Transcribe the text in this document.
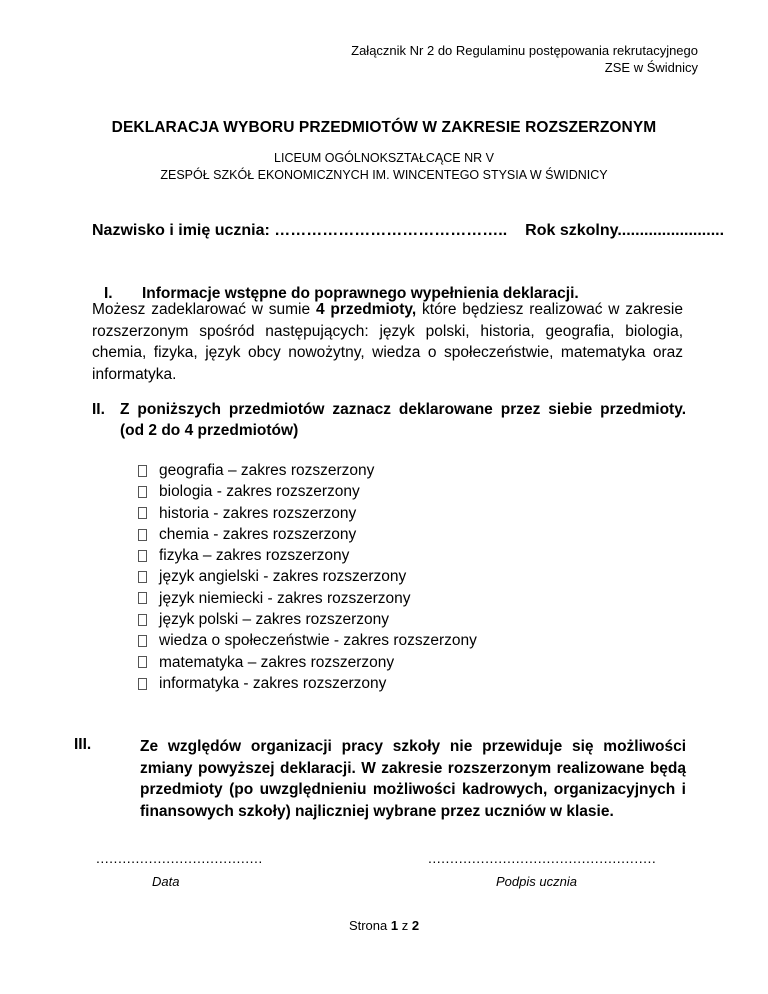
Załącznik Nr 2 do Regulaminu postępowania rekrutacyjnego
ZSE w Świdnicy
DEKLARACJA WYBORU PRZEDMIOTÓW W ZAKRESIE ROZSZERZONYM
LICEUM OGÓLNOKSZTAŁCĄCE NR V
ZESPÓŁ SZKÓŁ EKONOMICZNYCH IM. WINCENTEGO STYSIA W ŚWIDNICY
Nazwisko i imię ucznia: …………………………………….. Rok szkolny........................
I. Informacje wstępne do poprawnego wypełnienia deklaracji.
Możesz zadeklarować w sumie 4 przedmioty, które będziesz realizować w zakresie rozszerzonym spośród następujących: język polski, historia, geografia, biologia, chemia, fizyka, język obcy nowożytny, wiedza o społeczeństwie, matematyka oraz informatyka.
II. Z poniższych przedmiotów zaznacz deklarowane przez siebie przedmioty.
(od 2 do 4 przedmiotów)
geografia – zakres rozszerzony
biologia - zakres rozszerzony
historia - zakres rozszerzony
chemia - zakres rozszerzony
fizyka – zakres rozszerzony
język angielski - zakres rozszerzony
język niemiecki - zakres rozszerzony
język polski – zakres rozszerzony
wiedza o społeczeństwie - zakres rozszerzony
matematyka – zakres rozszerzony
informatyka - zakres rozszerzony
III.	Ze względów organizacji pracy szkoły nie przewiduje się możliwości zmiany powyższej deklaracji. W zakresie rozszerzonym realizowane będą przedmioty (po uwzględnieniu możliwości kadrowych, organizacyjnych i finansowych szkoły) najliczniej wybrane przez uczniów w klasie.
......................................
Data
....................................................
Podpis ucznia
Strona 1 z 2
